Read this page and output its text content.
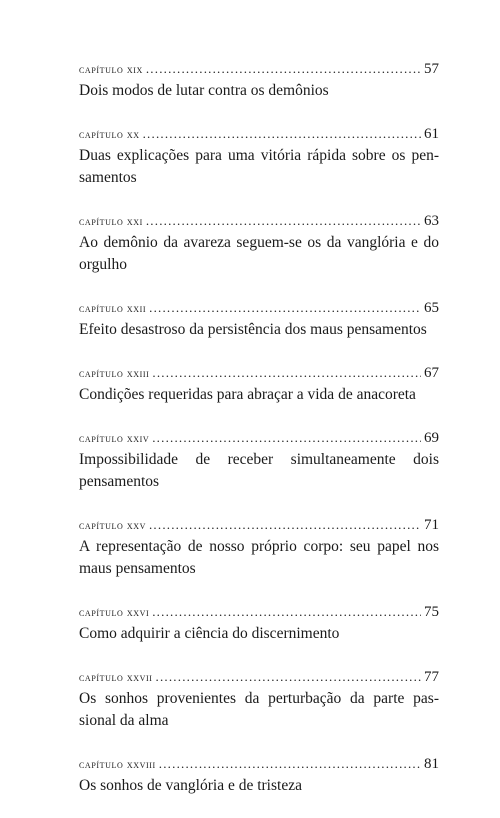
capítulo xix .....	57
Dois modos de lutar contra os demônios
capítulo xx .....	61
Duas explicações para uma vitória rápida sobre os pen-samentos
capítulo xxi .....	63
Ao demônio da avareza seguem-se os da vanglória e do orgulho
capítulo xxii .....	65
Efeito desastroso da persistência dos maus pensamentos
capítulo xxiii .....	67
Condições requeridas para abraçar a vida de anacoreta
capítulo xxiv .....	69
Impossibilidade de receber simultaneamente dois pensamentos
capítulo xxv .....	71
A representação de nosso próprio corpo: seu papel nos maus pensamentos
capítulo xxvi .....	75
Como adquirir a ciência do discernimento
capítulo xxvii .....	77
Os sonhos provenientes da perturbação da parte pas-sional da alma
capítulo xxviii .....	81
Os sonhos de vanglória e de tristeza
